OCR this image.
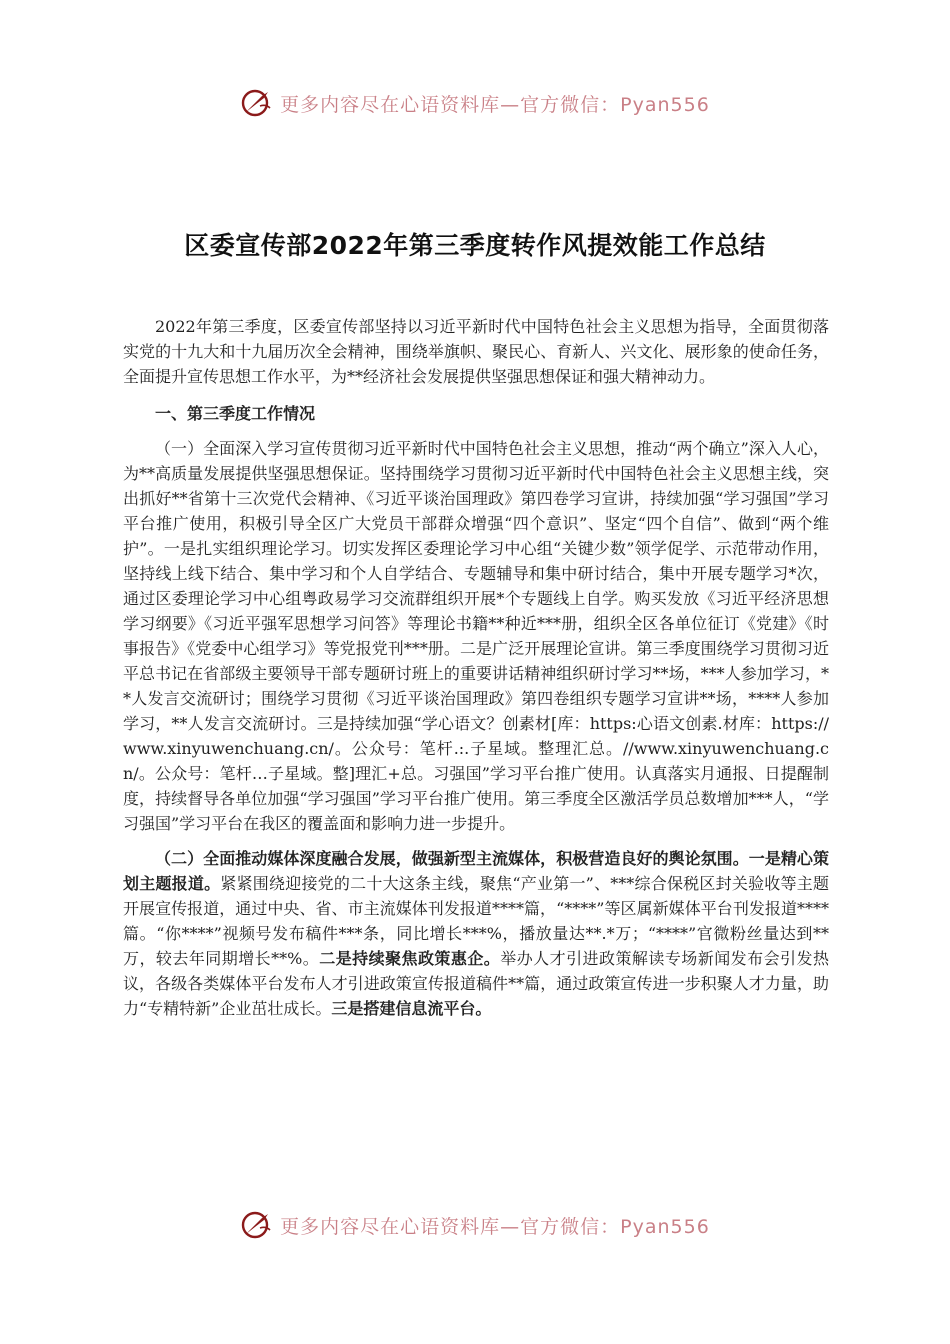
更多内容尽在心语资料库—官方微信：Pyan556
区委宣传部2022年第三季度转作风提效能工作总结

2022年第三季度，区委宣传部坚持以习近平新时代中国特色社会主义思想为指导，全面贯彻落实党的十九大和十九届历次全会精神，围绕举旗帜、聚民心、育新人、兴文化、展形象的使命任务，全面提升宣传思想工作水平，为**经济社会发展提供坚强思想保证和强大精神动力。

一、第三季度工作情况

（一）全面深入学习宣传贯彻习近平新时代中国特色社会主义思想，推动“两个确立”深入人心，为**高质量发展提供坚强思想保证。坚持围绕学习贯彻习近平新时代中国特色社会主义思想主线，突出抓好**省第十三次党代会精神、《习近平谈治国理政》第四卷学习宣讲，持续加强“学习强国”学习平台推广使用，积极引导全区广大党员干部群众增强“四个意识”、坚定“四个自信”、做到“两个维护”。一是扎实组织理论学习。切实发挥区委理论学习中心组“关键少数”领学促学、示范带动作用，坚持线上线下结合、集中学习和个人自学结合、专题辅导和集中研讨结合，集中开展专题学习*次，通过区委理论学习中心组粤政易学习交流群组织开展*个专题线上自学。购买发放《习近平经济思想学习纲要》《习近平强军思想学习问答》等理论书籍**种近***册，组织全区各单位征订《党建》《时事报告》《党委中心组学习》等党报党刊***册。二是广泛开展理论宣讲。第三季度围绕学习贯彻习近平总书记在省部级主要领导干部专题研讨班上的重要讲话精神组织研讨学习**场，***人参加学习，**人发言交流研讨；围绕学习贯彻《习近平谈治国理政》第四卷组织专题学习宣讲**场，****人参加学习，**人发言交流研讨。三是持续加强“学心语文？创素材[库：https:心语文创素.材库：https://www.xinyuwenchuang.cn/。公众号：笔杆.:.子星域。整理汇总。//www.xinyuwenchuang.cn/。公众号：笔杆…子星域。整]理汇+总。习强国”学习平台推广使用。认真落实月通报、日提醒制度，持续督导各单位加强“学习强国”学习平台推广使用。第三季度全区激活学员总数增加***人，“学习强国”学习平台在我区的覆盖面和影响力进一步提升。

（二）全面推动媒体深度融合发展，做强新型主流媒体，积极营造良好的舆论氛围。一是精心策划主题报道。紧紧围绕迎接党的二十大这条主线，聚焦“产业第一”、***综合保税区封关验收等主题开展宣传报道，通过中央、省、市主流媒体刊发报道****篇，“****”等区属新媒体平台刊发报道****篇。“你****”视频号发布稿件***条，同比增长***%，播放量达**.*万；“****”官微粉丝量达到**万，较去年同期增长**%。二是持续聚焦政策惠企。举办人才引进政策解读专场新闻发布会引发热议，各级各类媒体平台发布人才引进政策宣传报道稿件**篇，通过政策宣传进一步积聚人才力量，助力“专精特新”企业茁壮成长。三是搭建信息流平台。

更多内容尽在心语资料库—官方微信：Pyan556
